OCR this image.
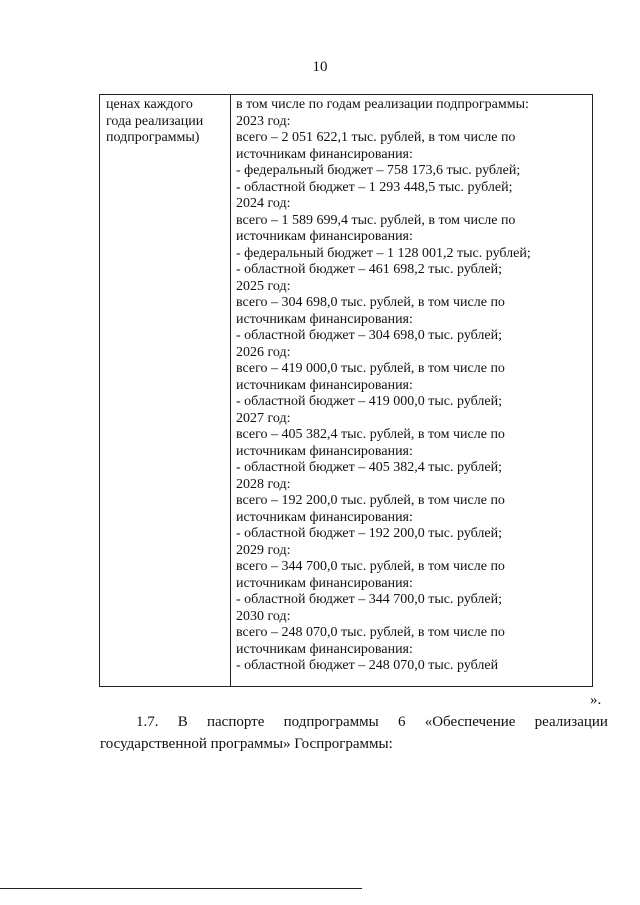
10
ценах каждого
года реализации
подпрограммы)
в том числе по годам реализации подпрограммы:
2023 год:
всего – 2 051 622,1 тыс. рублей, в том числе по
источникам финансирования:
- федеральный бюджет – 758 173,6 тыс. рублей;
- областной бюджет – 1 293 448,5 тыс. рублей;
2024 год:
всего – 1 589 699,4 тыс. рублей, в том числе по
источникам финансирования:
- федеральный бюджет – 1 128 001,2 тыс. рублей;
- областной бюджет – 461 698,2 тыс. рублей;
2025 год:
всего – 304 698,0 тыс. рублей, в том числе по
источникам финансирования:
- областной бюджет – 304 698,0 тыс. рублей;
2026 год:
всего – 419 000,0 тыс. рублей, в том числе по
источникам финансирования:
- областной бюджет – 419 000,0 тыс. рублей;
2027 год:
всего – 405 382,4 тыс. рублей, в том числе по
источникам финансирования:
- областной бюджет – 405 382,4 тыс. рублей;
2028 год:
всего – 192 200,0 тыс. рублей, в том числе по
источникам финансирования:
- областной бюджет – 192 200,0 тыс. рублей;
2029 год:
всего – 344 700,0 тыс. рублей, в том числе по
источникам финансирования:
- областной бюджет – 344 700,0 тыс. рублей;
2030 год:
всего – 248 070,0 тыс. рублей, в том числе по
источникам финансирования:
- областной бюджет – 248 070,0 тыс. рублей
».
1.7. В паспорте подпрограммы 6 «Обеспечение реализации
государственной программы» Госпрограммы:
